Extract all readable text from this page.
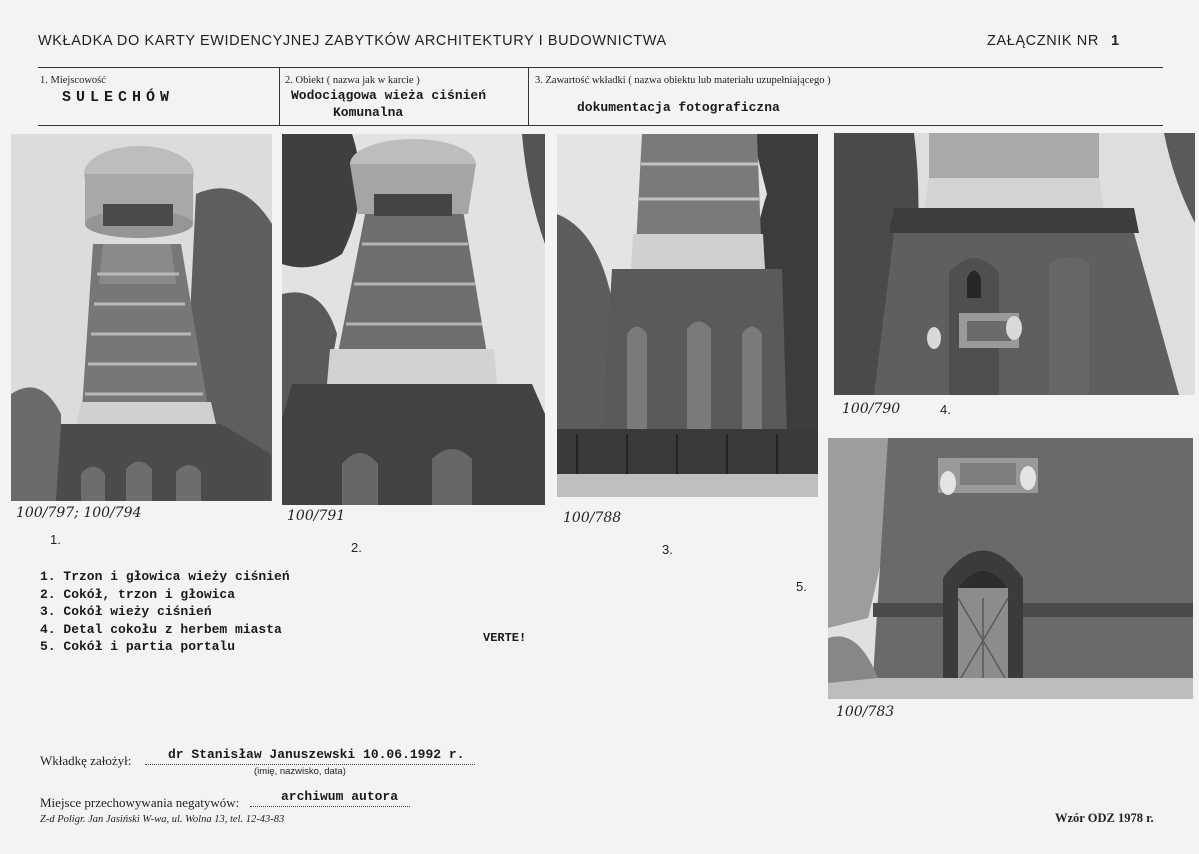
WKŁADKA DO KARTY EWIDENCYJNEJ ZABYTKÓW ARCHITEKTURY I BUDOWNICTWA	ZAŁĄCZNIK NR 1
1. Miejscowość
SULECHÓW
2. Obiekt ( nazwa jak w karcie )
Wodociągowa wieża ciśnień
Komunalna
3. Zawartość wkładki ( nazwa obiektu lub materiału uzupełniającego )
dokumentacja fotograficzna
100/797; 100/794
1.
100/791
2.
100/788
3.
100/790	4.
5.
100/783
1. Trzon i głowica wieży ciśnień
2. Cokół, trzon i głowica
3. Cokół wieży ciśnień
4. Detal cokołu z herbem miasta
5. Cokół i partia portalu
VERTE!
Wkładkę założył:	dr Stanisław Januszewski 10.06.1992 r.
(imię, nazwisko, data)
Miejsce przechowywania negatywów:	archiwum autora
Z-d Poligr. Jan Jasiński W-wa, ul. Wolna 13, tel. 12-43-83	Wzór ODZ 1978 r.
